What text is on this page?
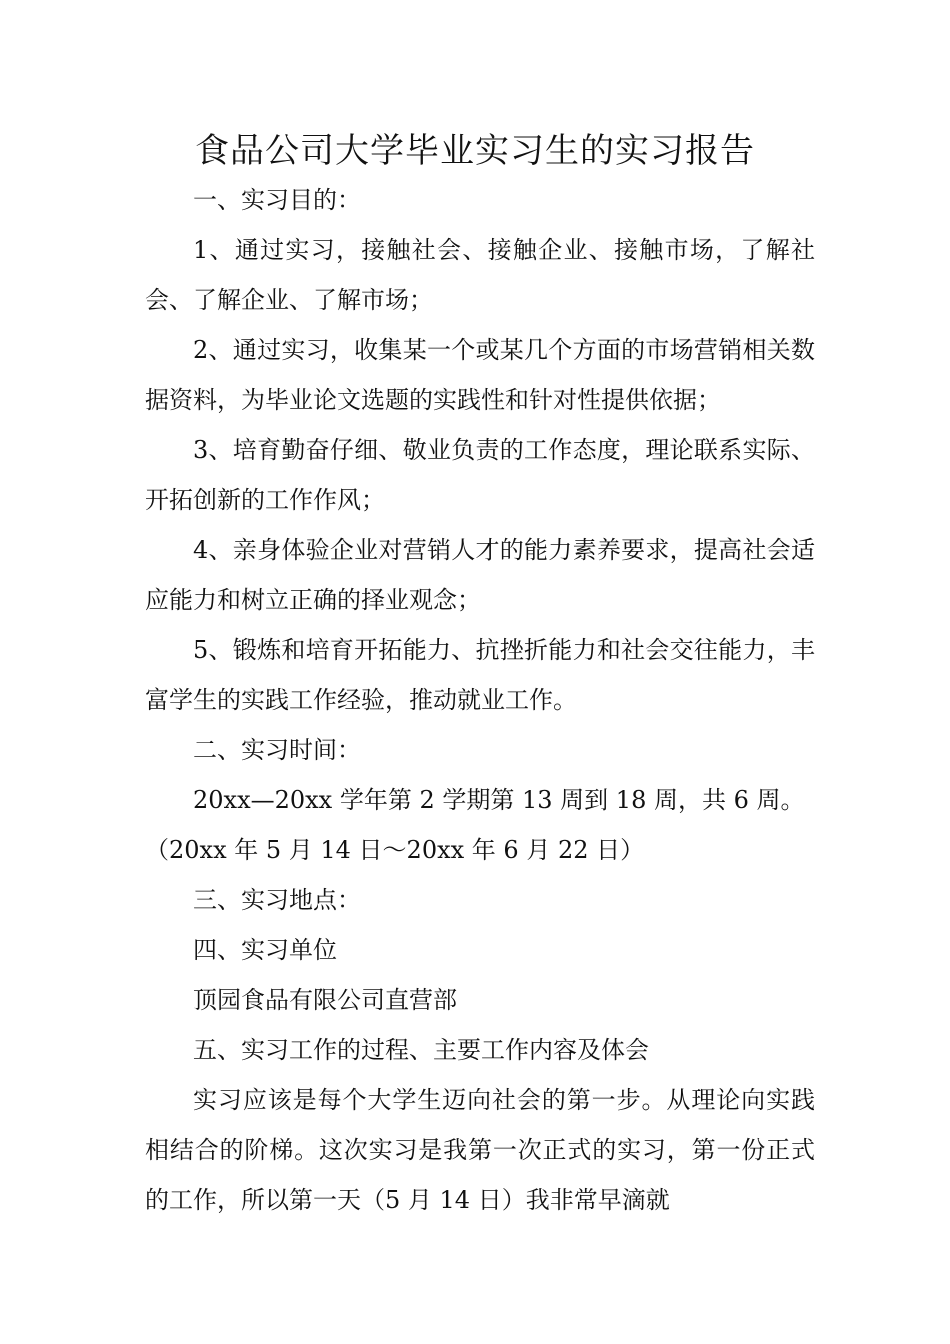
食品公司大学毕业实习生的实习报告

一、实习目的：

1、通过实习，接触社会、接触企业、接触市场，了解社会、了解企业、了解市场；

2、通过实习，收集某一个或某几个方面的市场营销相关数据资料，为毕业论文选题的实践性和针对性提供依据；

3、培育勤奋仔细、敬业负责的工作态度，理论联系实际、开拓创新的工作作风；

4、亲身体验企业对营销人才的能力素养要求，提高社会适应能力和树立正确的择业观念；

5、锻炼和培育开拓能力、抗挫折能力和社会交往能力，丰富学生的实践工作经验，推动就业工作。

二、实习时间：

20xx—20xx 学年第 2 学期第 13 周到 18 周，共 6 周。

（20xx 年 5 月 14 日～20xx 年 6 月 22 日）

三、实习地点：

四、实习单位

顶园食品有限公司直营部

五、实习工作的过程、主要工作内容及体会

实习应该是每个大学生迈向社会的第一步。从理论向实践相结合的阶梯。这次实习是我第一次正式的实习，第一份正式的工作，所以第一天（5 月 14 日）我非常早滴就
